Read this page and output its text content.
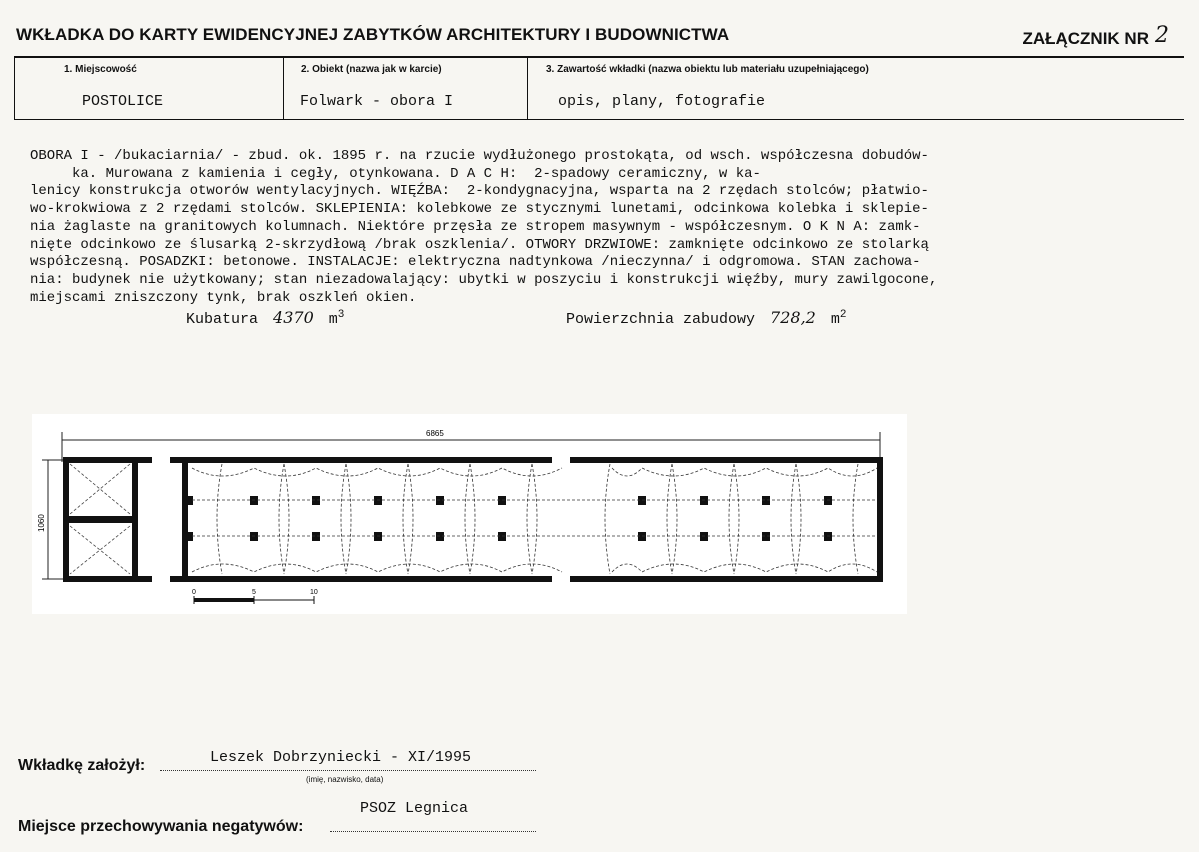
WKŁADKA DO KARTY EWIDENCYJNEJ ZABYTKÓW ARCHITEKTURY I BUDOWNICTWA	ZAŁĄCZNIK NR 2
1. Miejscowość	2. Obiekt (nazwa jak w karcie)	3. Zawartość wkładki (nazwa obiektu lub materiału uzupełniającego)
POSTOLICE	Folwark - obora I	opis, plany, fotografie

OBORA I - /bukaciarnia/ - zbud. ok. 1895 r. na rzucie wydłużonego prostokąta, od wsch. współczesna dobudów-

ka. Murowana z kamienia i cegły, otynkowana. D A C H:  2-spadowy ceramiczny, w ka-

lenicy konstrukcja otworów wentylacyjnych. WIĘŹBA:  2-kondygnacyjna, wsparta na 2 rzędach stolców; płatwio-

wo-krokwiowa z 2 rzędami stolców. SKLEPIENIA: kolebkowe ze stycznymi lunetami, odcinkowa kolebka i sklepie-

nia żaglaste na granitowych kolumnach. Niektóre przęsła ze stropem masywnym - współczesnym. O K N A: zamk-

nięte odcinkowo ze ślusarką 2-skrzydłową /brak oszklenia/. OTWORY DRZWIOWE: zamknięte odcinkowo ze stolarką

współczesną. POSADZKI: betonowe. INSTALACJE: elektryczna nadtynkowa /nieczynna/ i odgromowa. STAN zachowa-

nia: budynek nie użytkowany; stan niezadowalający: ubytki w poszyciu i konstrukcji więźby, mury zawilgocone,

miejscami zniszczony tynk, brak oszkleń okien.

Kubatura 4370 $m^3$	Powierzchnia zabudowy 728,2 $m^2$
6865
1060
0	5	10
Wkładkę założył:	Leszek Dobrzyniecki - XI/1995
(imię, nazwisko, data)
PSOZ Legnica
Miejsce przechowywania negatywów:
